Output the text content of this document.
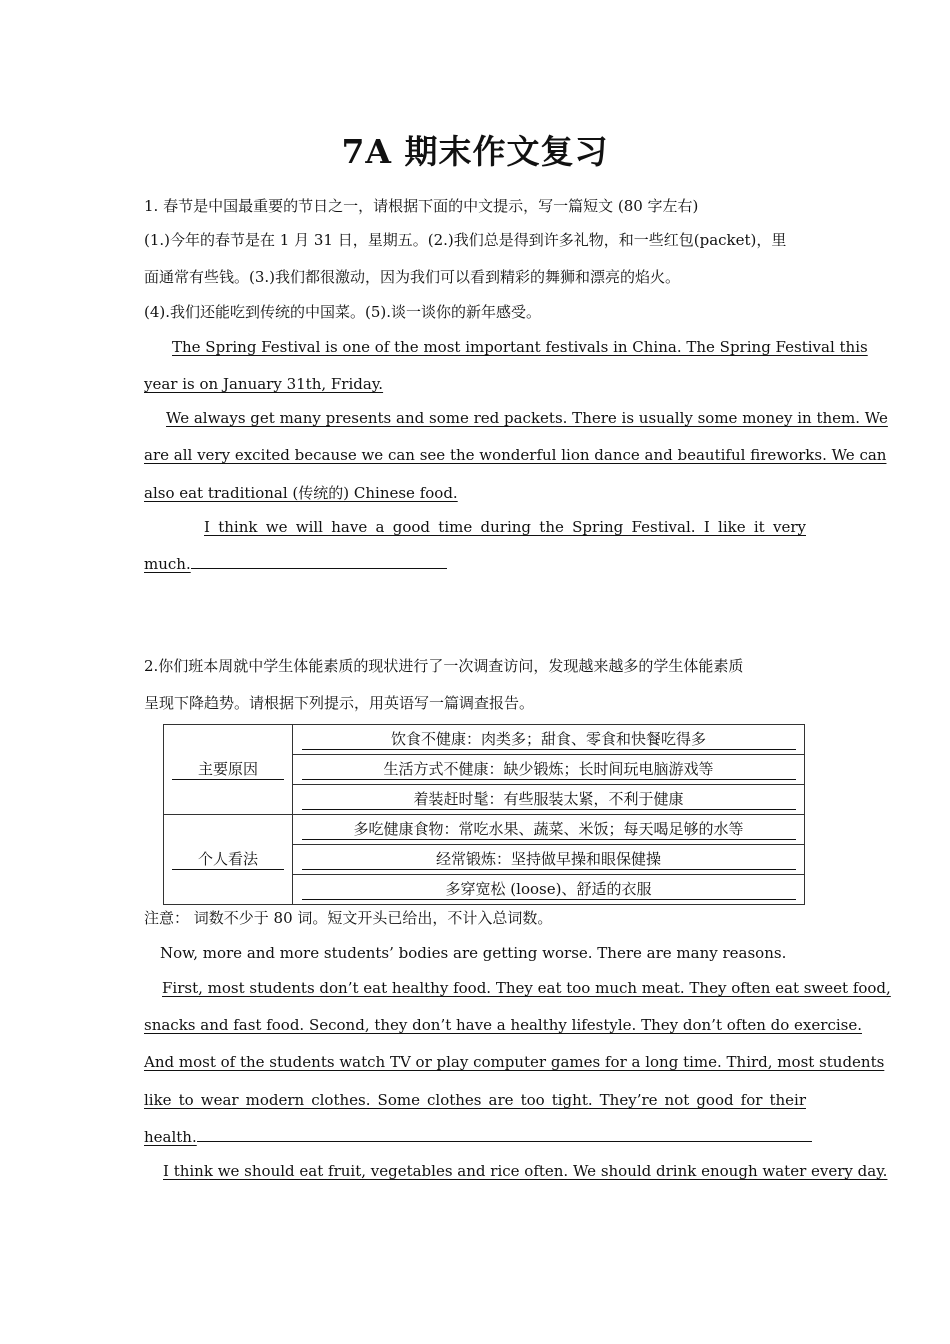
7A 期末作文复习
1. 春节是中国最重要的节日之一，请根据下面的中文提示，写一篇短文 (80 字左右)
(1.)今年的春节是在 1 月 31 日，星期五。(2.)我们总是得到许多礼物，和一些红包(packet)，里
面通常有些钱。(3.)我们都很激动，因为我们可以看到精彩的舞狮和漂亮的焰火。
(4).我们还能吃到传统的中国菜。(5).谈一谈你的新年感受。
The Spring Festival is one of the most important festivals in China. The Spring Festival this
year is on January 31th, Friday.
We always get many presents and some red packets. There is usually some money in them. We
are all very excited because we can see the wonderful lion dance and beautiful fireworks. We can
also eat traditional (传统的) Chinese food.
I think we will have a good time during the Spring Festival. I like it very
much.
2.你们班本周就中学生体能素质的现状进行了一次调查访问，发现越来越多的学生体能素质
呈现下降趋势。请根据下列提示，用英语写一篇调查报告。
主要原因	饮食不健康：肉类多；甜食、零食和快餐吃得多
	生活方式不健康：缺少锻炼；长时间玩电脑游戏等
	着装赶时髦：有些服装太紧，不利于健康
个人看法	多吃健康食物：常吃水果、蔬菜、米饭；每天喝足够的水等
	经常锻炼：坚持做早操和眼保健操
	多穿宽松 (loose)、舒适的衣服
注意： 词数不少于 80 词。短文开头已给出，不计入总词数。
Now, more and more students’ bodies are getting worse. There are many reasons.
First, most students don’t eat healthy food. They eat too much meat. They often eat sweet food,
snacks and fast food. Second, they don’t have a healthy lifestyle. They don’t often do exercise.
And most of the students watch TV or play computer games for a long time. Third, most students
like to wear modern clothes. Some clothes are too tight. They’re not good for their
health.
I think we should eat fruit, vegetables and rice often. We should drink enough water every day.
